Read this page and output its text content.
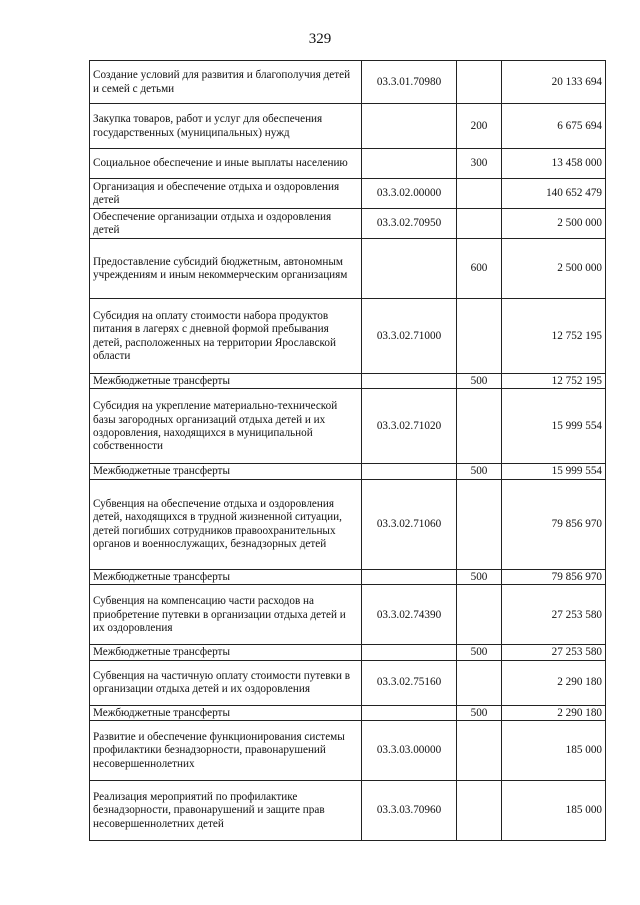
329
Создание условий для развития и благополучия детей и семей с детьми	03.3.01.70980		20 133 694
Закупка товаров, работ и услуг для обеспечения государственных (муниципальных) нужд		200	6 675 694
Социальное обеспечение и иные выплаты населению		300	13 458 000
Организация и обеспечение отдыха и оздоровления детей	03.3.02.00000		140 652 479
Обеспечение организации отдыха и оздоровления детей	03.3.02.70950		2 500 000
Предоставление субсидий бюджетным, автономным учреждениям и иным некоммерческим организациям		600	2 500 000
Субсидия на оплату стоимости набора продуктов питания в лагерях с дневной формой пребывания детей, расположенных на территории Ярославской области	03.3.02.71000		12 752 195
Межбюджетные трансферты		500	12 752 195
Субсидия на укрепление материально-технической базы загородных организаций отдыха детей и их оздоровления, находящихся в муниципальной собственности	03.3.02.71020		15 999 554
Межбюджетные трансферты		500	15 999 554
Субвенция на обеспечение отдыха и оздоровления детей, находящихся в трудной жизненной ситуации, детей погибших сотрудников правоохранительных органов и военнослужащих, безнадзорных детей	03.3.02.71060		79 856 970
Межбюджетные трансферты		500	79 856 970
Субвенция на компенсацию части расходов на приобретение путевки в организации отдыха детей и их оздоровления	03.3.02.74390		27 253 580
Межбюджетные трансферты		500	27 253 580
Субвенция на частичную оплату стоимости путевки в организации отдыха детей и их оздоровления	03.3.02.75160		2 290 180
Межбюджетные трансферты		500	2 290 180
Развитие и обеспечение функционирования системы профилактики безнадзорности, правонарушений несовершеннолетних	03.3.03.00000		185 000
Реализация мероприятий по профилактике безнадзорности, правонарушений и защите прав несовершеннолетних детей	03.3.03.70960		185 000
